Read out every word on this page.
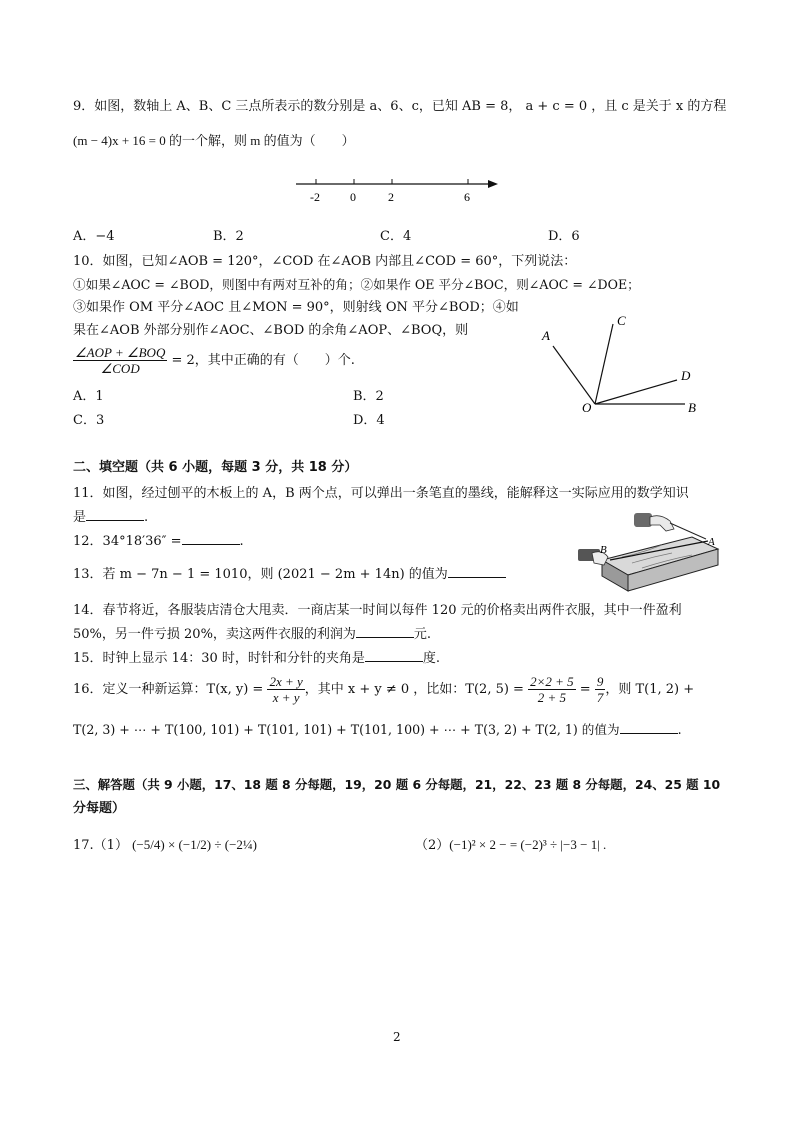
9．如图，数轴上 A、B、C 三点所表示的数分别是 a、6、c，已知 AB = 8， a + c = 0 ，且 c 是关于 x 的方程
(m − 4)x + 16 = 0 的一个解，则 m 的值为（　　）
-2	0	2	6
A．−4	B．2	C．4	D．6
10．如图，已知∠AOB = 120°，∠COD 在∠AOB 内部且∠COD = 60°，下列说法：
①如果∠AOC = ∠BOD，则图中有两对互补的角；②如果作 OE 平分∠BOC，则∠AOC = ∠DOE；
③如果作 OM 平分∠AOC 且∠MON = 90°，则射线 ON 平分∠BOD；④如
果在∠AOB 外部分别作∠AOC、∠BOD 的余角∠AOP、∠BOQ，则
$\frac{\text{∠AOP + ∠BOQ}}{\text{∠COD}} = 2$，其中正确的有（　　）个.
A．1	B．2
C．3	D．4
A
C
D
O	B
二、填空题（共 6 小题，每题 3 分，共 18 分）
11．如图，经过刨平的木板上的 A，B 两个点，可以弹出一条笔直的墨线，能解释这一实际应用的数学知识
是	.
12．34°18′36″ =	.
13．若 m − 7n − 1 = 1010，则 (2021 − 2m + 14n) 的值为
B
A
14．春节将近，各服装店清仓大甩卖．一商店某一时间以每件 120 元的价格卖出两件衣服，其中一件盈利
50%，另一件亏损 20%，卖这两件衣服的利润为	元.
15．时钟上显示 14：30 时，时针和分针的夹角是	度.
16．定义一种新运算：T(x, $y) = \frac{2x + y}{x + y}$ ，其中 x + y ≠ 0 ，比如：T(2, $5) = \frac{2\times 2 + 5}{2 + 5} = \frac{9}{7}$ ，则 T(1, 2) +
T(2, 3) + ⋯ + T(100, 101) + T(101, 101) + T(101, 100) + ⋯ + T(3, 2) + T(2, 1) 的值为	.
三、解答题（共 9 小题，17、18 题 8 分每题，19，20 题 6 分每题，21，22、23 题 8 分每题，24、25 题 10
分每题）
17.（1） (−5/4) × (−1/2) ÷ (−2¼)	（2）(−1)² × 2 − = (−2)³ ÷ |−3 − 1| .
2
